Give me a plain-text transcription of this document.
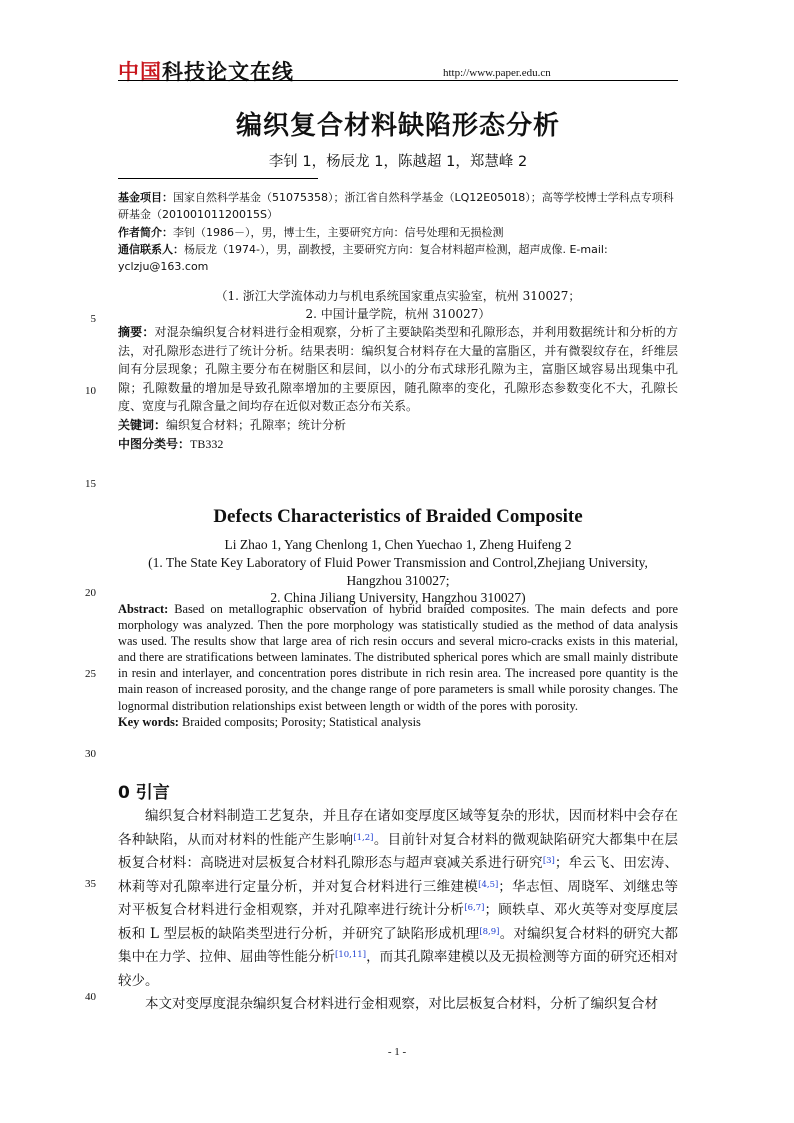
中国科技论文在线	http://www.paper.edu.cn
编织复合材料缺陷形态分析
李钊 1，杨辰龙 1，陈越超 1，郑慧峰 2

基金项目：国家自然科学基金（51075358）；浙江省自然科学基金（LQ12E05018）；高等学校博士学科点专项科研基金（20100101120015S）

作者简介：李钊（1986－），男，博士生，主要研究方向：信号处理和无损检测

通信联系人：杨辰龙（1974-），男，副教授，主要研究方向：复合材料超声检测，超声成像. E-mail: yclzju@163.com

（1. 浙江大学流体动力与机电系统国家重点实验室，杭州 310027；

2. 中国计量学院，杭州 310027）

摘要：对混杂编织复合材料进行金相观察，分析了主要缺陷类型和孔隙形态，并利用数据统计和分析的方法，对孔隙形态进行了统计分析。结果表明：编织复合材料存在大量的富脂区，并有微裂纹存在，纤维层间有分层现象；孔隙主要分布在树脂区和层间，以小的分布式球形孔隙为主，富脂区域容易出现集中孔隙；孔隙数量的增加是导致孔隙率增加的主要原因，随孔隙率的变化，孔隙形态参数变化不大，孔隙长度、宽度与孔隙含量之间均存在近似对数正态分布关系。

关键词：编织复合材料；孔隙率；统计分析

中图分类号：TB332

5
10
15
20
25
30
35
40
Defects Characteristics of Braided Composite
Li Zhao 1, Yang Chenlong 1, Chen Yuechao 1, Zheng Huifeng 2

(1. The State Key Laboratory of Fluid Power Transmission and Control,Zhejiang University,

Hangzhou 310027;

2. China Jiliang University, Hangzhou 310027)

Abstract: Based on metallographic observation of hybrid braided composites. The main defects and pore morphology was analyzed. Then the pore morphology was statistically studied as the method of data analysis was used. The results show that large area of rich resin occurs and several micro-cracks exists in this material, and there are stratifications between laminates. The distributed spherical pores which are small mainly distribute in resin and interlayer, and concentration pores distribute in rich resin area. The increased pore quantity is the main reason of increased porosity, and the change range of pore parameters is small while porosity changes. The lognormal distribution relationships exist between length or width of the pores with porosity.

Key words: Braided composits; Porosity; Statistical analysis

0 引言

编织复合材料制造工艺复杂，并且存在诸如变厚度区域等复杂的形状，因而材料中会存在各种缺陷，从而对材料的性能产生影响[1,2]。目前针对复合材料的微观缺陷研究大都集中在层板复合材料：高晓进对层板复合材料孔隙形态与超声衰减关系进行研究[3]；牟云飞、田宏涛、林莉等对孔隙率进行定量分析，并对复合材料进行三维建模[4,5]；华志恒、周晓军、刘继忠等对平板复合材料进行金相观察，并对孔隙率进行统计分析[6,7]；顾轶卓、邓火英等对变厚度层板和 L 型层板的缺陷类型进行分析，并研究了缺陷形成机理[8,9]。对编织复合材料的研究大都集中在力学、拉伸、屈曲等性能分析[10,11]，而其孔隙率建模以及无损检测等方面的研究还相对较少。

本文对变厚度混杂编织复合材料进行金相观察，对比层板复合材料，分析了编织复合材

- 1 -
